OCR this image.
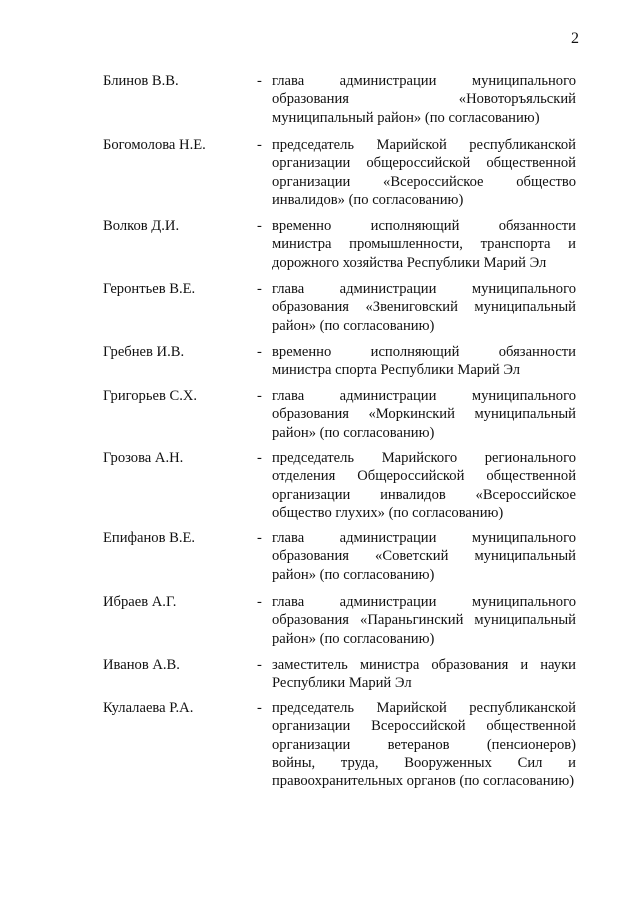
2
Блинов В.В.	- глава администрации муниципального
образования «Новоторъяльский
муниципальный район» (по согласованию)
Богомолова Н.Е.	- председатель Марийской республиканской
организации общероссийской общественной
организации «Всероссийское общество
инвалидов» (по согласованию)
Волков Д.И.	- временно исполняющий обязанности
министра промышленности, транспорта и
дорожного хозяйства Республики Марий Эл
Геронтьев В.Е.	- глава администрации муниципального
образования «Звениговский муниципальный
район» (по согласованию)
Гребнев И.В.	- временно исполняющий обязанности
министра спорта Республики Марий Эл
Григорьев С.Х.	- глава администрации муниципального
образования «Моркинский муниципальный
район» (по согласованию)
Грозова А.Н.	- председатель Марийского регионального
отделения Общероссийской общественной
организации инвалидов «Всероссийское
общество глухих» (по согласованию)
Епифанов В.Е.	- глава администрации муниципального
образования «Советский муниципальный
район» (по согласованию)
Ибраев А.Г.	- глава администрации муниципального
образования «Параньгинский муниципальный
район» (по согласованию)
Иванов А.В.	- заместитель министра образования и науки
Республики Марий Эл
Кулалаева Р.А.	- председатель Марийской республиканской
организации Всероссийской общественной
организации ветеранов (пенсионеров)
войны, труда, Вооруженных Сил и
правоохранительных органов (по согласованию)
